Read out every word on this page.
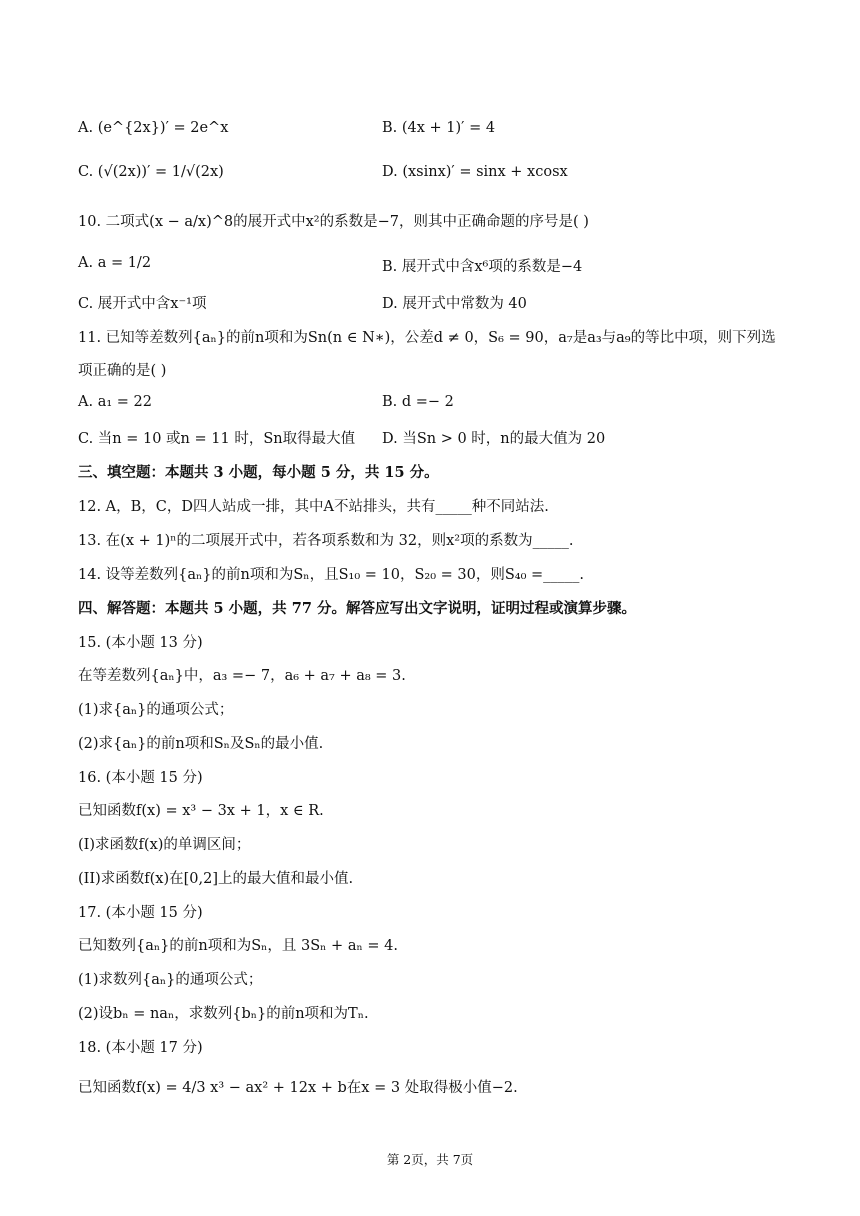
A. (e^{2x})′ = 2e^x	B. (4x + 1)′ = 4
C. (√(2x))′ = 1/√(2x)	D. (xsinx)′ = sinx + xcosx
10. 二项式(x − a/x)^8的展开式中x²的系数是−7，则其中正确命题的序号是( )
A. a = 1/2	B. 展开式中含x⁶项的系数是−4
C. 展开式中含x⁻¹项	D. 展开式中常数为 40
11. 已知等差数列{aₙ}的前n项和为Sn(n ∈ N∗)，公差d ≠ 0，S₆ = 90，a₇是a₃与a₉的等比中项，则下列选
项正确的是( )
A. a₁ = 22	B. d =− 2
C. 当n = 10 或n = 11 时，Sn取得最大值 D. 当Sn > 0 时，n的最大值为 20
三、填空题：本题共 3 小题，每小题 5 分，共 15 分。
12. A，B，C，D四人站成一排，其中A不站排头，共有_____种不同站法.
13. 在(x + 1)ⁿ的二项展开式中，若各项系数和为 32，则x²项的系数为_____.
14. 设等差数列{aₙ}的前n项和为Sₙ，且S₁₀ = 10，S₂₀ = 30，则S₄₀ =_____.
四、解答题：本题共 5 小题，共 77 分。解答应写出文字说明，证明过程或演算步骤。
15. (本小题 13 分)
在等差数列{aₙ}中，a₃ =− 7，a₆ + a₇ + a₈ = 3.
(1)求{aₙ}的通项公式；
(2)求{aₙ}的前n项和Sₙ及Sₙ的最小值.
16. (本小题 15 分)
已知函数f(x) = x³ − 3x + 1，x ∈ R.
(I)求函数f(x)的单调区间；
(II)求函数f(x)在[0,2]上的最大值和最小值.
17. (本小题 15 分)
已知数列{aₙ}的前n项和为Sₙ，且 3Sₙ + aₙ = 4.
(1)求数列{aₙ}的通项公式；
(2)设bₙ = naₙ，求数列{bₙ}的前n项和为Tₙ.
18. (本小题 17 分)
已知函数f(x) = 4/3 x³ − ax² + 12x + b在x = 3 处取得极小值−2.
第 2页，共 7页
